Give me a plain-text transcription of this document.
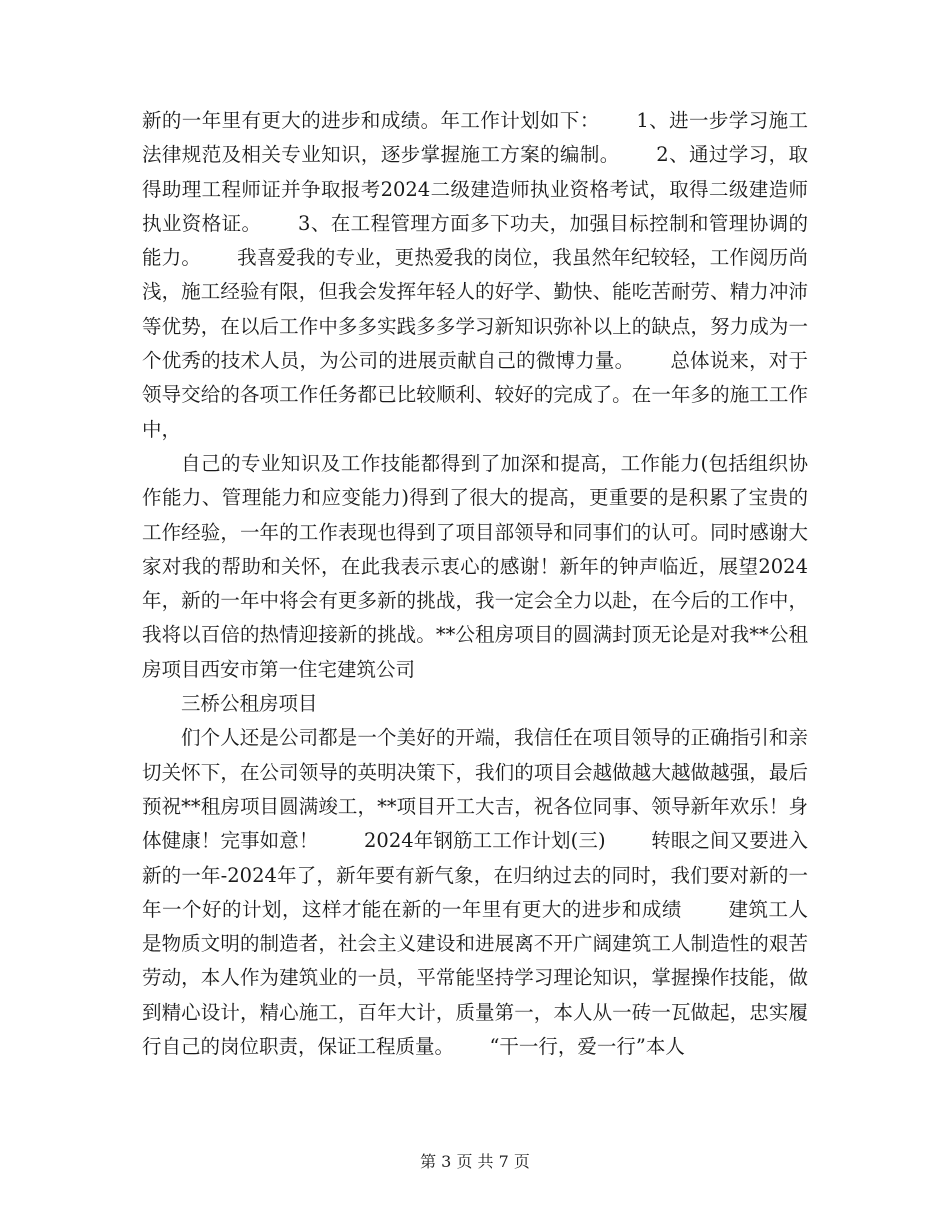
新的一年里有更大的进步和成绩。年工作计划如下：　　 1、进一步学习施工法律规范及相关专业知识，逐步掌握施工方案的编制。　　 2、通过学习，取得助理工程师证并争取报考2024二级建造师执业资格考试，取得二级建造师执业资格证。　　 3、在工程管理方面多下功夫，加强目标控制和管理协调的能力。　　 我喜爱我的专业，更热爱我的岗位，我虽然年纪较轻，工作阅历尚浅，施工经验有限，但我会发挥年轻人的好学、勤快、能吃苦耐劳、精力冲沛等优势，在以后工作中多多实践多多学习新知识弥补以上的缺点，努力成为一个优秀的技术人员，为公司的进展贡献自己的微博力量。　　 总体说来，对于领导交给的各项工作任务都已比较顺利、较好的完成了。在一年多的施工工作中，

自己的专业知识及工作技能都得到了加深和提高，工作能力(包括组织协作能力、管理能力和应变能力)得到了很大的提高，更重要的是积累了宝贵的工作经验，一年的工作表现也得到了项目部领导和同事们的认可。同时感谢大家对我的帮助和关怀，在此我表示衷心的感谢！新年的钟声临近，展望2024年，新的一年中将会有更多新的挑战，我一定会全力以赴，在今后的工作中，我将以百倍的热情迎接新的挑战。**公租房项目的圆满封顶无论是对我**公租房项目西安市第一住宅建筑公司

三桥公租房项目

们个人还是公司都是一个美好的开端，我信任在项目领导的正确指引和亲切关怀下，在公司领导的英明决策下，我们的项目会越做越大越做越强，最后预祝**租房项目圆满竣工，**项目开工大吉，祝各位同事、领导新年欢乐！身体健康！完事如意！　　 2024年钢筋工工作计划(三)　　 转眼之间又要进入新的一年-2024年了，新年要有新气象，在归纳过去的同时，我们要对新的一年一个好的计划，这样才能在新的一年里有更大的进步和成绩　　 建筑工人是物质文明的制造者，社会主义建设和进展离不开广阔建筑工人制造性的艰苦劳动，本人作为建筑业的一员，平常能坚持学习理论知识，掌握操作技能，做到精心设计，精心施工，百年大计，质量第一，本人从一砖一瓦做起，忠实履行自己的岗位职责，保证工程质量。　　 “干一行，爱一行”本人

第 3 页 共 7 页
